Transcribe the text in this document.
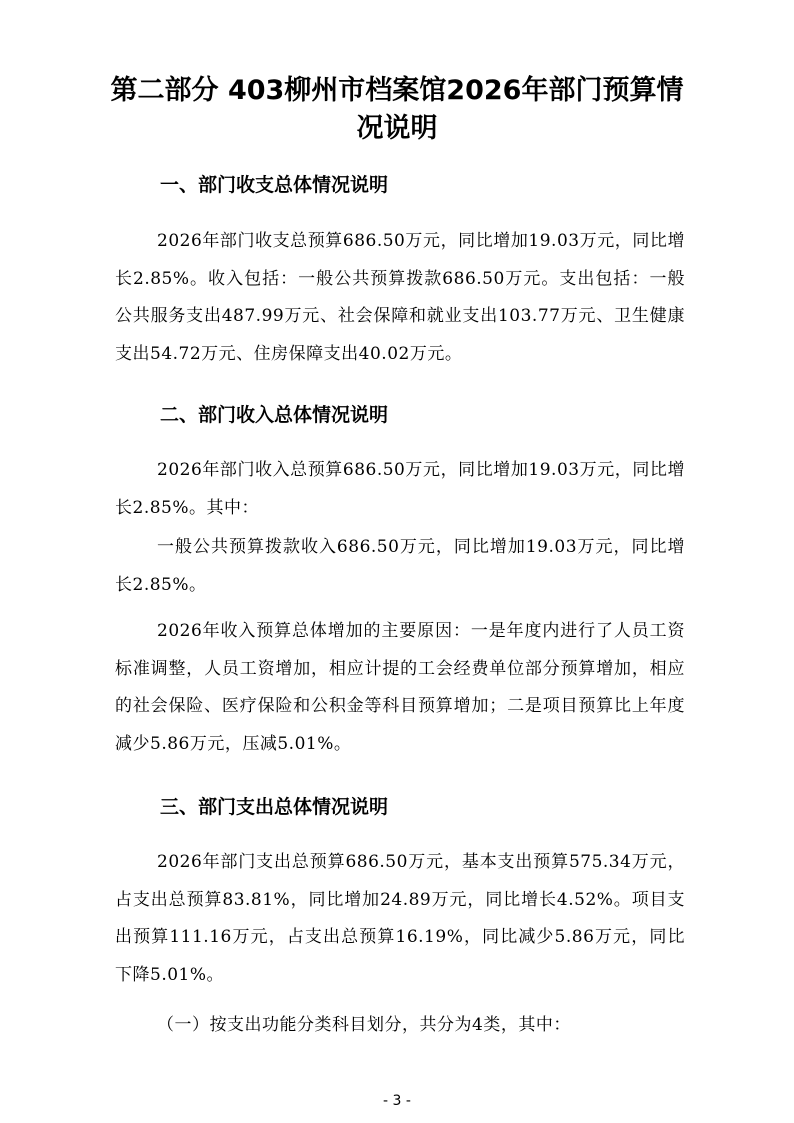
第二部分 403柳州市档案馆2026年部门预算情况说明
一、部门收支总体情况说明

2026年部门收支总预算686.50万元，同比增加19.03万元，同比增长2.85%。收入包括：一般公共预算拨款686.50万元。支出包括：一般公共服务支出487.99万元、社会保障和就业支出103.77万元、卫生健康支出54.72万元、住房保障支出40.02万元。

二、部门收入总体情况说明

2026年部门收入总预算686.50万元，同比增加19.03万元，同比增长2.85%。其中：

一般公共预算拨款收入686.50万元，同比增加19.03万元，同比增长2.85%。

2026年收入预算总体增加的主要原因：一是年度内进行了人员工资标准调整，人员工资增加，相应计提的工会经费单位部分预算增加，相应的社会保险、医疗保险和公积金等科目预算增加；二是项目预算比上年度减少5.86万元，压减5.01%。

三、部门支出总体情况说明

2026年部门支出总预算686.50万元，基本支出预算575.34万元，占支出总预算83.81%，同比增加24.89万元，同比增长4.52%。项目支出预算111.16万元，占支出总预算16.19%，同比减少5.86万元，同比下降5.01%。

（一）按支出功能分类科目划分，共分为4类，其中：

- 3 -
